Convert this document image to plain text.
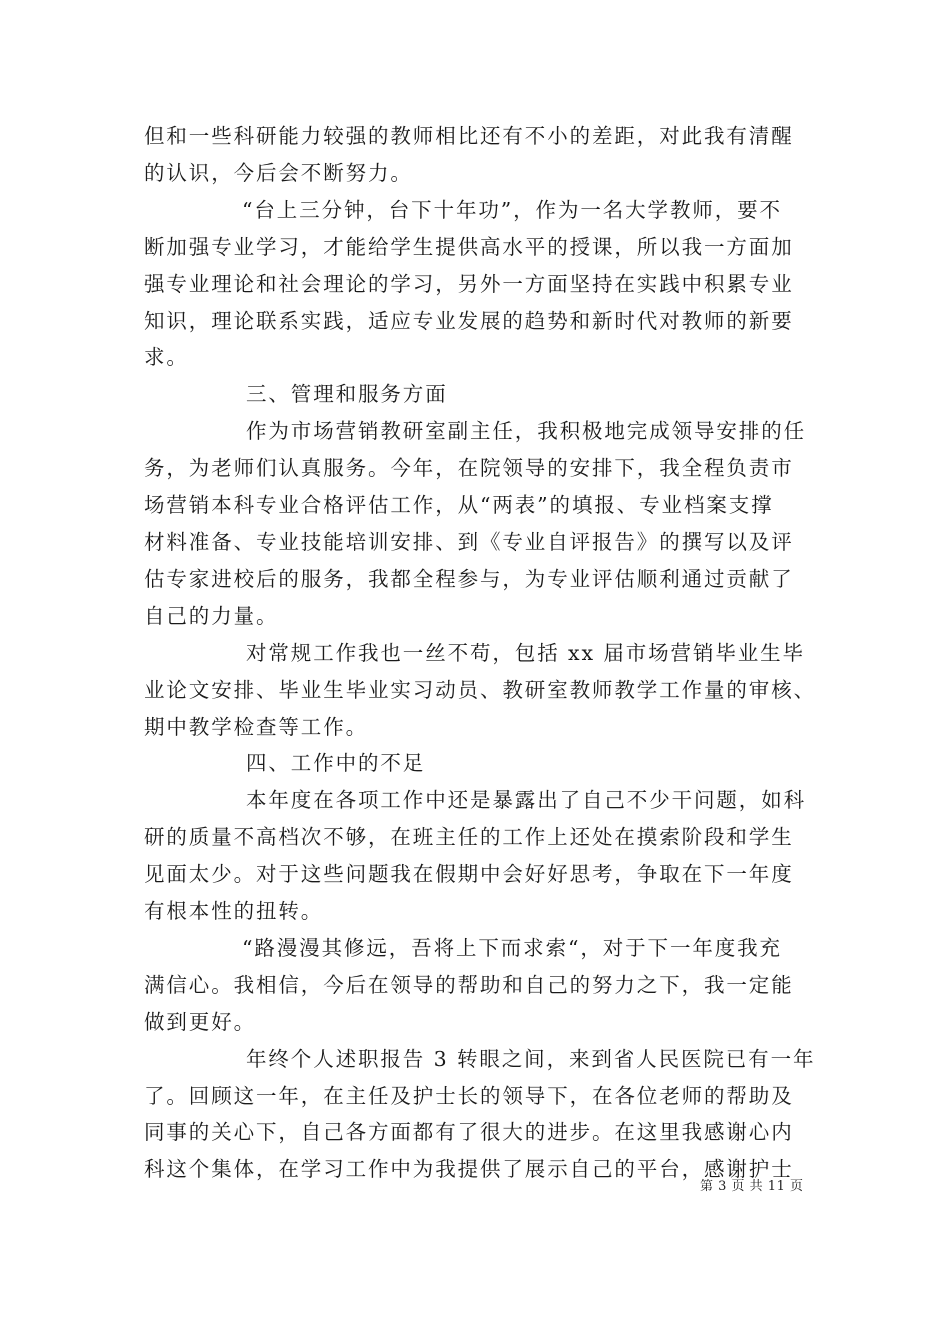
但和一些科研能力较强的教师相比还有不小的差距，对此我有清醒
的认识，今后会不断努力。
“台上三分钟，台下十年功”，作为一名大学教师，要不
断加强专业学习，才能给学生提供高水平的授课，所以我一方面加
强专业理论和社会理论的学习，另外一方面坚持在实践中积累专业
知识，理论联系实践，适应专业发展的趋势和新时代对教师的新要
求。
三、管理和服务方面
作为市场营销教研室副主任，我积极地完成领导安排的任
务，为老师们认真服务。今年，在院领导的安排下，我全程负责市
场营销本科专业合格评估工作，从“两表”的填报、专业档案支撑
材料准备、专业技能培训安排、到《专业自评报告》的撰写以及评
估专家进校后的服务，我都全程参与，为专业评估顺利通过贡献了
自己的力量。
对常规工作我也一丝不苟，包括 xx 届市场营销毕业生毕
业论文安排、毕业生毕业实习动员、教研室教师教学工作量的审核、
期中教学检查等工作。
四、工作中的不足
本年度在各项工作中还是暴露出了自己不少干问题，如科
研的质量不高档次不够，在班主任的工作上还处在摸索阶段和学生
见面太少。对于这些问题我在假期中会好好思考，争取在下一年度
有根本性的扭转。
“路漫漫其修远，吾将上下而求索“，对于下一年度我充
满信心。我相信，今后在领导的帮助和自己的努力之下，我一定能
做到更好。
年终个人述职报告 3 转眼之间，来到省人民医院已有一年
了。回顾这一年，在主任及护士长的领导下，在各位老师的帮助及
同事的关心下，自己各方面都有了很大的进步。在这里我感谢心内
科这个集体，在学习工作中为我提供了展示自己的平台，感谢护士
第 3 页 共 11 页
